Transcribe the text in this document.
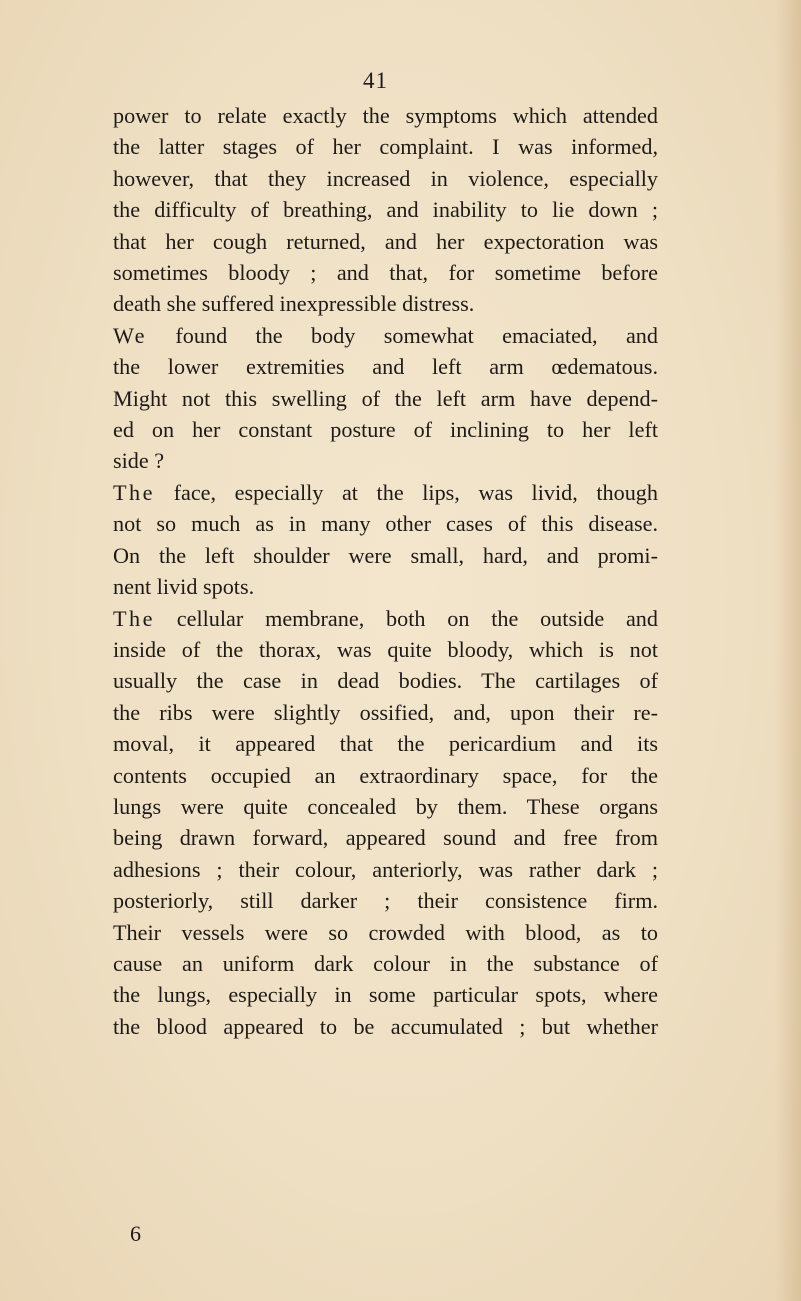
41
power to relate exactly the symptoms which attended
the latter stages of her complaint. I was informed,
however, that they increased in violence, especially
the difficulty of breathing, and inability to lie down ;
that her cough returned, and her expectoration was
sometimes bloody ; and that, for sometime before
death she suffered inexpressible distress.
We found the body somewhat emaciated, and
the lower extremities and left arm œdematous.
Might not this swelling of the left arm have depend-
ed on her constant posture of inclining to her left
side ?
The face, especially at the lips, was livid, though
not so much as in many other cases of this disease.
On the left shoulder were small, hard, and promi-
nent livid spots.
The cellular membrane, both on the outside and
inside of the thorax, was quite bloody, which is not
usually the case in dead bodies. The cartilages of
the ribs were slightly ossified, and, upon their re-
moval, it appeared that the pericardium and its
contents occupied an extraordinary space, for the
lungs were quite concealed by them. These organs
being drawn forward, appeared sound and free from
adhesions ; their colour, anteriorly, was rather dark ;
posteriorly, still darker ; their consistence firm.
Their vessels were so crowded with blood, as to
cause an uniform dark colour in the substance of
the lungs, especially in some particular spots, where
the blood appeared to be accumulated ; but whether
6
